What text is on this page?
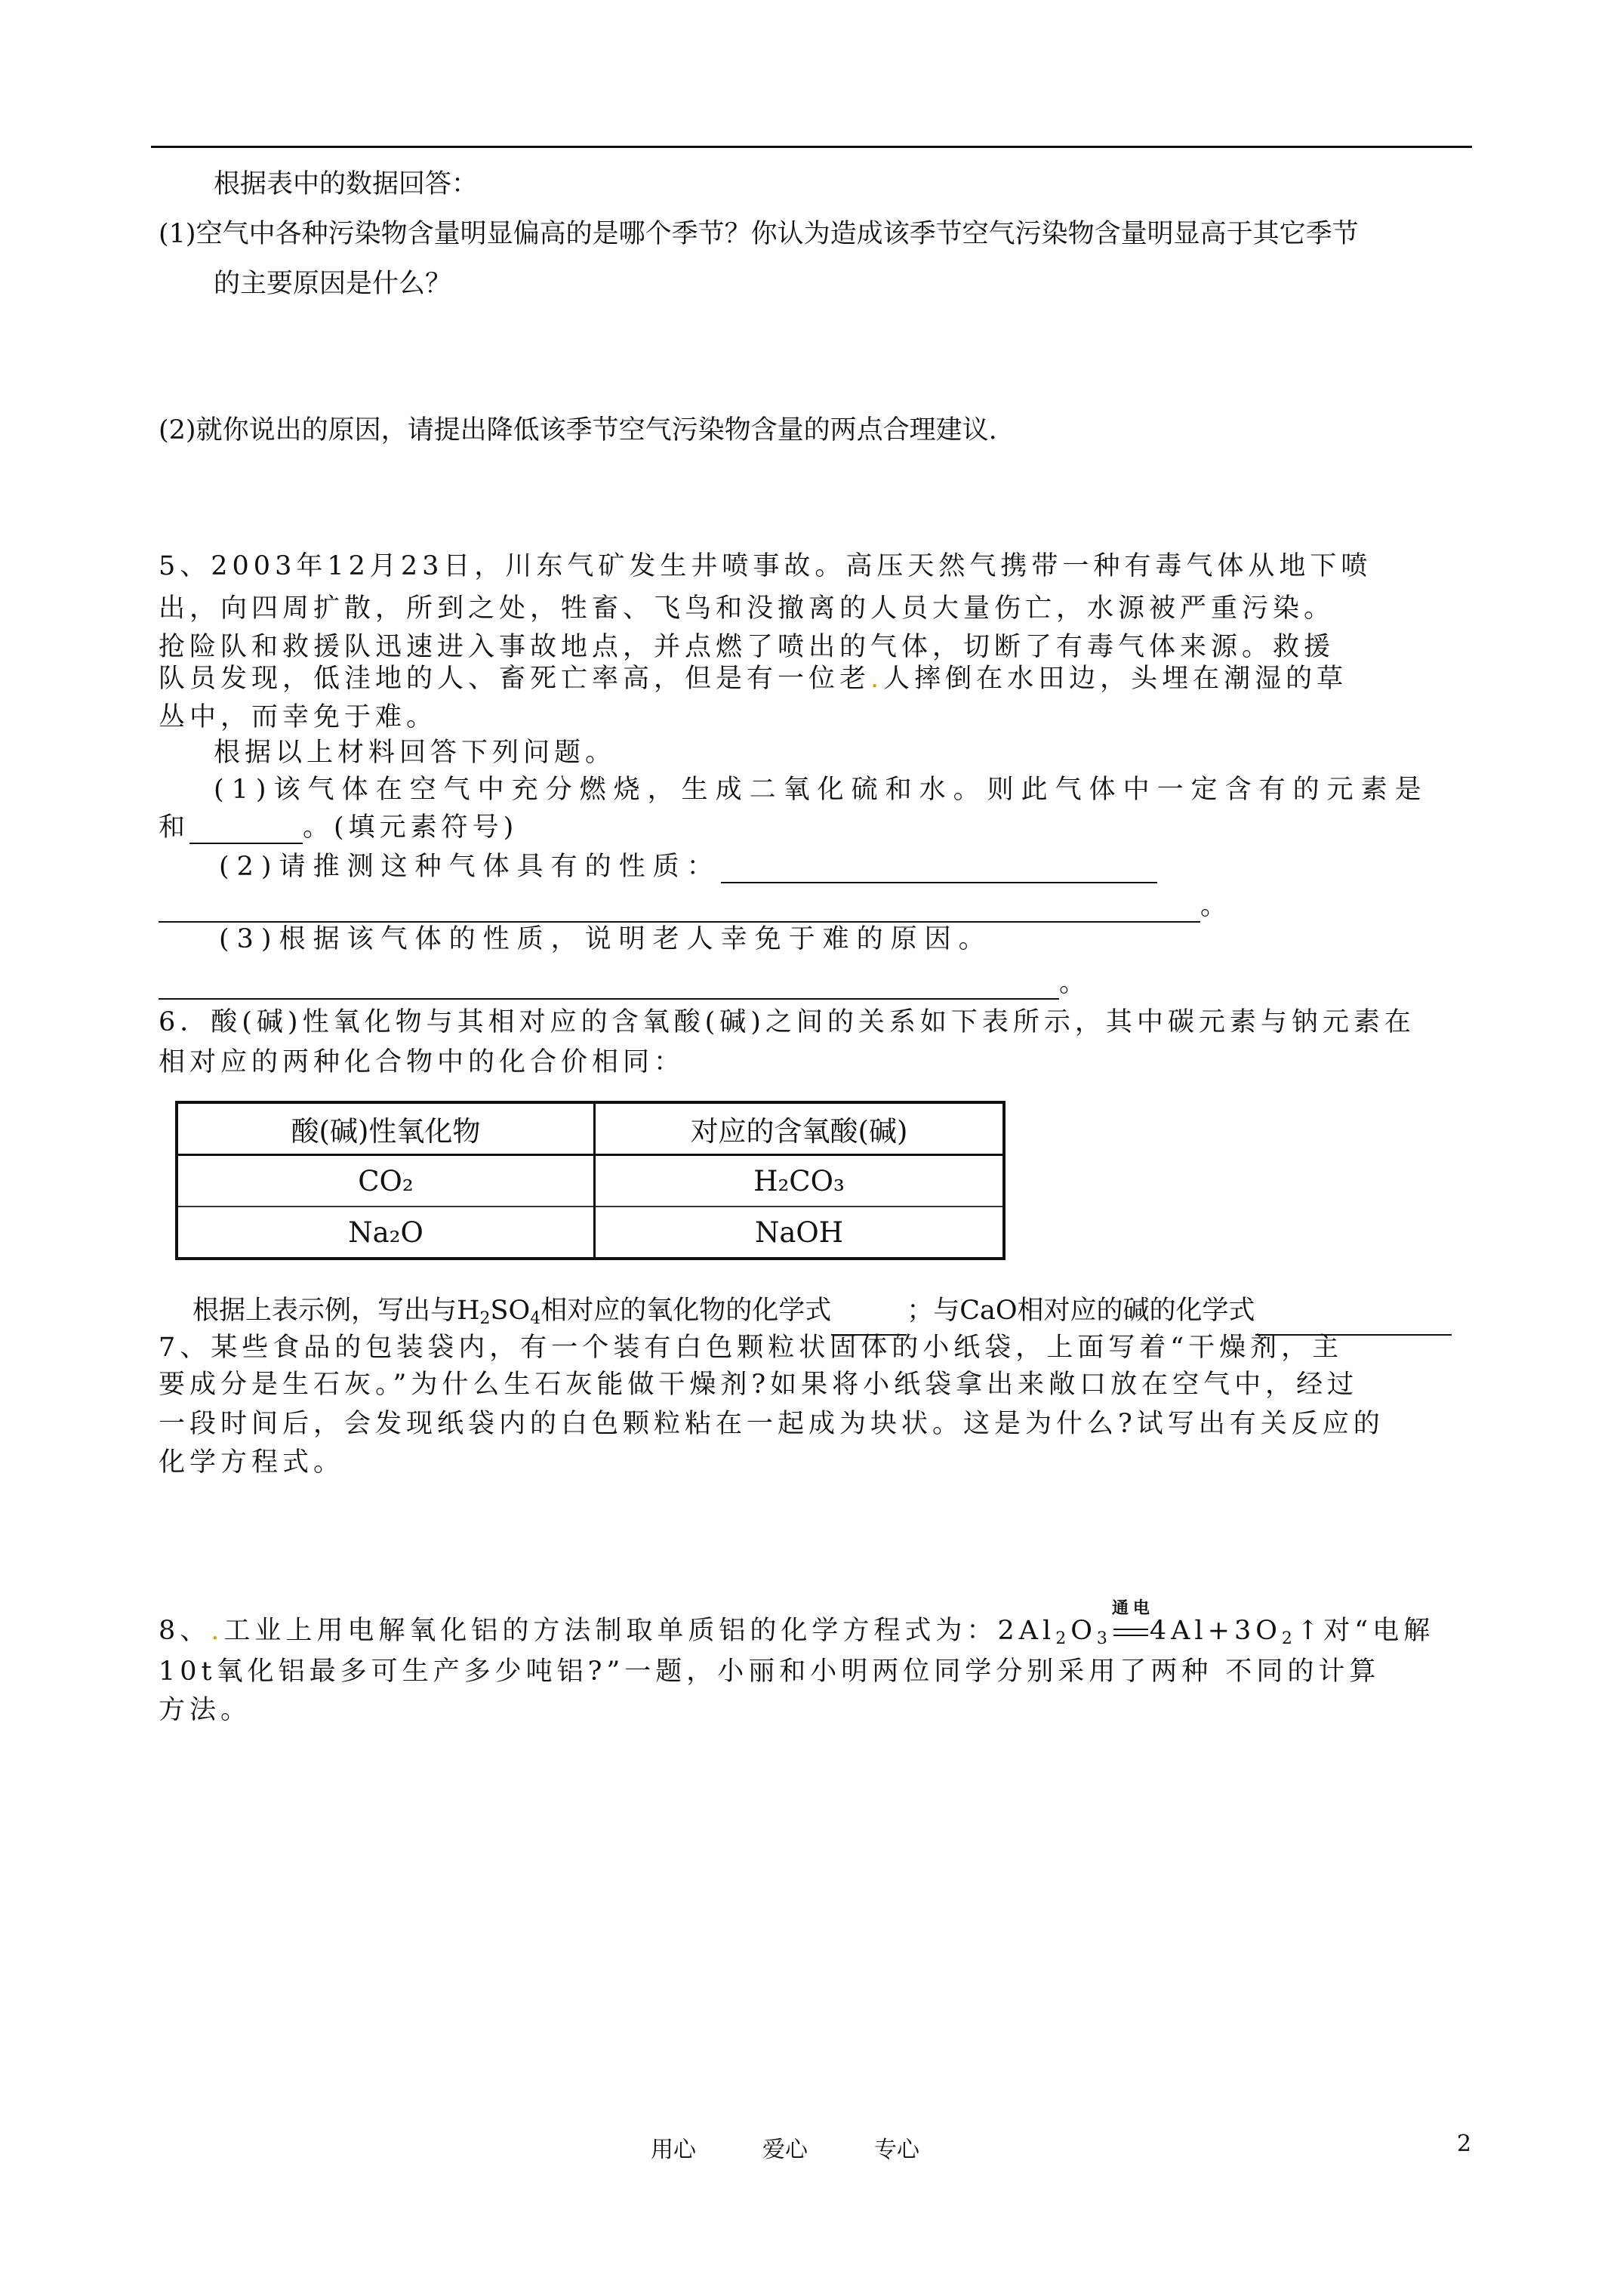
根据表中的数据回答：
(1)空气中各种污染物含量明显偏高的是哪个季节？你认为造成该季节空气污染物含量明显高于其它季节
的主要原因是什么？
(2)就你说出的原因，请提出降低该季节空气污染物含量的两点合理建议.
5、2003年12月23日，川东气矿发生井喷事故。高压天然气携带一种有毒气体从地下喷
出，向四周扩散，所到之处，牲畜、飞鸟和没撤离的人员大量伤亡，水源被严重污染。
抢险队和救援队迅速进入事故地点，并点燃了喷出的气体，切断了有毒气体来源。救援
队员发现，低洼地的人、畜死亡率高，但是有一位老.人摔倒在水田边，头埋在潮湿的草
丛中，而幸免于难。
根据以上材料回答下列问题。
(1)该气体在空气中充分燃烧，生成二氧化硫和水。则此气体中一定含有的元素是
和	。(填元素符号)
(2)请推测这种气体具有的性质：
。
(3)根据该气体的性质，说明老人幸免于难的原因。
。
6．酸(碱)性氧化物与其相对应的含氧酸(碱)之间的关系如下表所示，其中碳元素与钠元素在
相对应的两种化合物中的化合价相同：
酸(碱)性氧化物	对应的含氧酸(碱)
CO₂	H₂CO₃
Na₂O	NaOH
根据上表示例，写出与$H_2SO_4$相对应的氧化物的化学式	；与CaO相对应的碱的化学式
7、某些食品的包装袋内，有一个装有白色颗粒状固体的小纸袋，上面写着“干燥剂，主
要成分是生石灰。”为什么生石灰能做干燥剂?如果将小纸袋拿出来敞口放在空气中，经过
一段时间后，会发现纸袋内的白色颗粒粘在一起成为块状。这是为什么?试写出有关反应的
化学方程式。
8、.工业上用电解氧化铝的方法制取单质铝的化学方程式为：$2Al_2O_3$
通电
$4Al+3O_2↑$对“电解
10t氧化铝最多可生产多少吨铝?”一题，小丽和小明两位同学分别采用了两种 不同的计算
方法。
用心	爱心	专心	2
